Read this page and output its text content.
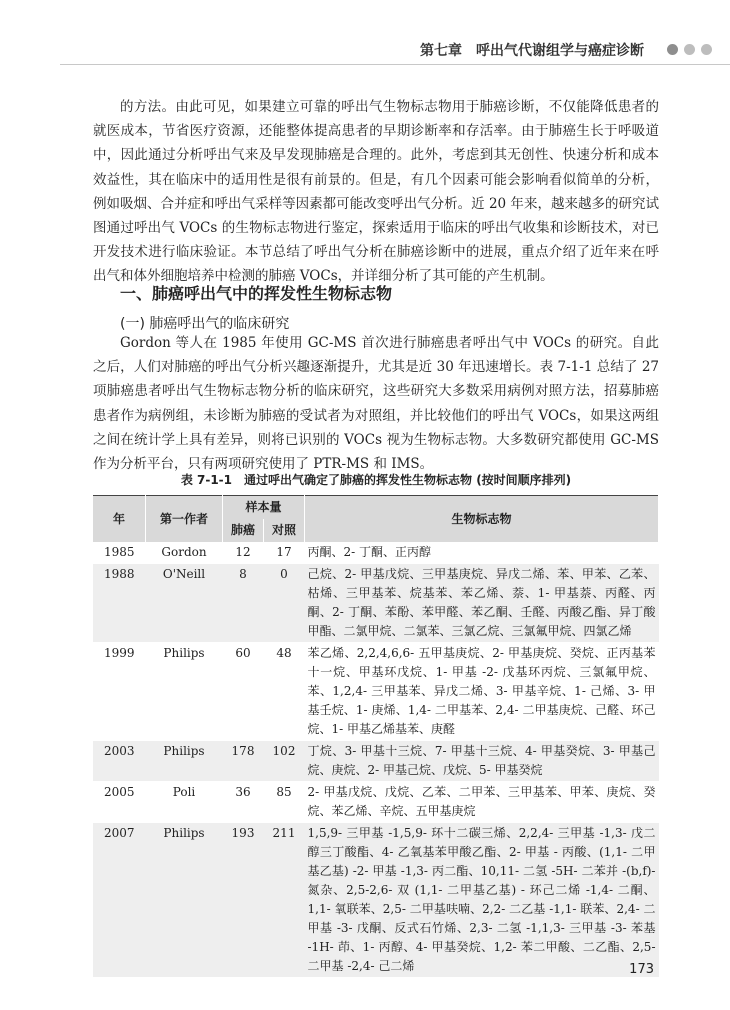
第七章　呼出气代谢组学与癌症诊断
的方法。由此可见，如果建立可靠的呼出气生物标志物用于肺癌诊断，不仅能降低患者的就医成本，节省医疗资源，还能整体提高患者的早期诊断率和存活率。由于肺癌生长于呼吸道中，因此通过分析呼出气来及早发现肺癌是合理的。此外，考虑到其无创性、快速分析和成本效益性，其在临床中的适用性是很有前景的。但是，有几个因素可能会影响看似简单的分析，例如吸烟、合并症和呼出气采样等因素都可能改变呼出气分析。近 20 年来，越来越多的研究试图通过呼出气 VOCs 的生物标志物进行鉴定，探索适用于临床的呼出气收集和诊断技术，对已开发技术进行临床验证。本节总结了呼出气分析在肺癌诊断中的进展，重点介绍了近年来在呼出气和体外细胞培养中检测的肺癌 VOCs，并详细分析了其可能的产生机制。
一、肺癌呼出气中的挥发性生物标志物
(一) 肺癌呼出气的临床研究
Gordon 等人在 1985 年使用 GC-MS 首次进行肺癌患者呼出气中 VOCs 的研究。自此之后，人们对肺癌的呼出气分析兴趣逐渐提升，尤其是近 30 年迅速增长。表 7-1-1 总结了 27 项肺癌患者呼出气生物标志物分析的临床研究，这些研究大多数采用病例对照方法，招募肺癌患者作为病例组，未诊断为肺癌的受试者为对照组，并比较他们的呼出气 VOCs，如果这两组之间在统计学上具有差异，则将已识别的 VOCs 视为生物标志物。大多数研究都使用 GC-MS 作为分析平台，只有两项研究使用了 PTR-MS 和 IMS。
表 7-1-1　通过呼出气确定了肺癌的挥发性生物标志物 (按时间顺序排列)
年	第一作者	样本量		生物标志物
		肺癌	对照	
1985	Gordon	12	17	丙酮、2- 丁酮、正丙醇
1988	O'Neill	8	0	己烷、2- 甲基戊烷、三甲基庚烷、异戊二烯、苯、甲苯、乙苯、枯烯、三甲基苯、烷基苯、苯乙烯、萘、1- 甲基萘、丙醛、丙酮、2- 丁酮、苯酚、苯甲醛、苯乙酮、壬醛、丙酸乙酯、异丁酸甲酯、二氯甲烷、二氯苯、三氯乙烷、三氯氟甲烷、四氯乙烯
1999	Philips	60	48	苯乙烯、2,2,4,6,6- 五甲基庚烷、2- 甲基庚烷、癸烷、正丙基苯十一烷、甲基环戊烷、1- 甲基 -2- 戊基环丙烷、三氯氟甲烷、苯、1,2,4- 三甲基苯、异戊二烯、3- 甲基辛烷、1- 己烯、3- 甲基壬烷、1- 庚烯、1,4- 二甲基苯、2,4- 二甲基庚烷、己醛、环己烷、1- 甲基乙烯基苯、庚醛
2003	Philips	178	102	丁烷、3- 甲基十三烷、7- 甲基十三烷、4- 甲基癸烷、3- 甲基己烷、庚烷、2- 甲基己烷、戊烷、5- 甲基癸烷
2005	Poli	36	85	2- 甲基戊烷、戊烷、乙苯、二甲苯、三甲基苯、甲苯、庚烷、癸烷、苯乙烯、辛烷、五甲基庚烷
2007	Philips	193	211	1,5,9- 三甲基 -1,5,9- 环十二碳三烯、2,2,4- 三甲基 -1,3- 戊二醇三丁酸酯、4- 乙氧基苯甲酸乙酯、2- 甲基 - 丙酸、(1,1- 二甲基乙基) -2- 甲基 -1,3- 丙二酯、10,11- 二氢 -5H- 二苯并 -(b,f)- 氮杂、2,5-2,6- 双 (1,1- 二甲基乙基) - 环己二烯 -1,4- 二酮、1,1- 氧联苯、2,5- 二甲基呋喃、2,2- 二乙基 -1,1- 联苯、2,4- 二甲基 -3- 戊酮、反式石竹烯、2,3- 二氢 -1,1,3- 三甲基 -3- 苯基 -1H- 茚、1- 丙醇、4- 甲基癸烷、1,2- 苯二甲酸、二乙酯、2,5- 二甲基 -2,4- 己二烯	173
